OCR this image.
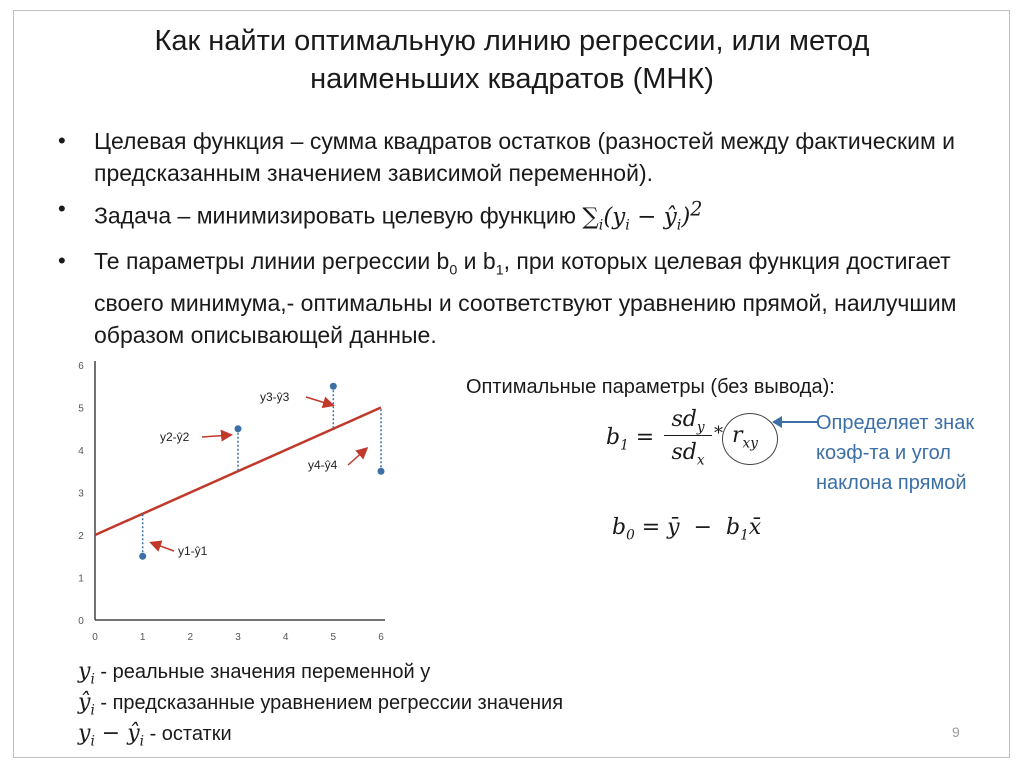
Как найти оптимальную линию регрессии, или метод
наименьших квадратов (МНК)
• Целевая функция – сумма квадратов остатков (разностей между фактическим и предсказанным значением зависимой переменной).
• Задача – минимизировать целевую функцию $\sum_i(y_i$ − $ŷ_i)^2$
• Те параметры линии регрессии $b_0$ и $b_1$, при которых целевая функция достигает своего минимума,- оптимальны и соответствуют уравнению прямой, наилучшим образом описывающей данные.
0	1	2	3	4	5	6
0
1
2
3
4
5
6
y1-ŷ1
y2-ŷ2
y3-ŷ3
y4-ŷ4
Оптимальные параметры (без вывода):
$b_1$ =
$sd_y$
$sd_x$
* $r_{xy}$
Определяет знак
коэф-та и угол
наклона прямой
$b_0$ = ȳ  −  $b_1x̄$
$y_i$ - реальные значения переменной y
$ŷ_i$ - предсказанные уравнением регрессии значения
$y_i$ − $ŷ_i$ - остатки	9
